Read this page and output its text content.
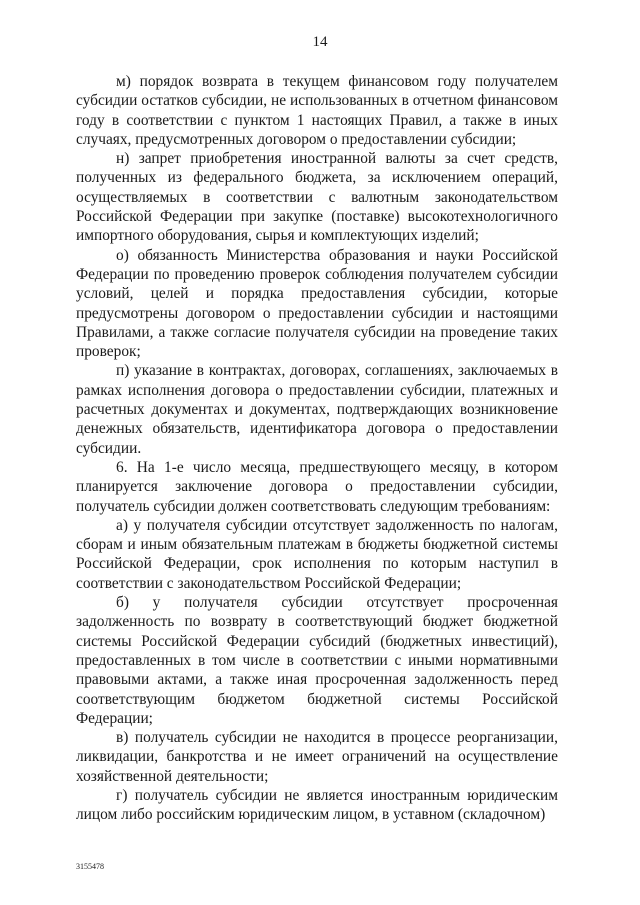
14

м) порядок возврата в текущем финансовом году получателем субсидии остатков субсидии, не использованных в отчетном финансовом году в соответствии с пунктом 1 настоящих Правил, а также в иных случаях, предусмотренных договором о предоставлении субсидии;

н) запрет приобретения иностранной валюты за счет средств, полученных из федерального бюджета, за исключением операций, осуществляемых в соответствии с валютным законодательством Российской Федерации при закупке (поставке) высокотехнологичного импортного оборудования, сырья и комплектующих изделий;

о) обязанность Министерства образования и науки Российской Федерации по проведению проверок соблюдения получателем субсидии условий, целей и порядка предоставления субсидии, которые предусмотрены договором о предоставлении субсидии и настоящими Правилами, а также согласие получателя субсидии на проведение таких проверок;

п) указание в контрактах, договорах, соглашениях, заключаемых в рамках исполнения договора о предоставлении субсидии, платежных и расчетных документах и документах, подтверждающих возникновение денежных обязательств, идентификатора договора о предоставлении субсидии.

6. На 1-е число месяца, предшествующего месяцу, в котором планируется заключение договора о предоставлении субсидии, получатель субсидии должен соответствовать следующим требованиям:

а) у получателя субсидии отсутствует задолженность по налогам, сборам и иным обязательным платежам в бюджеты бюджетной системы Российской Федерации, срок исполнения по которым наступил в соответствии с законодательством Российской Федерации;

б) у получателя субсидии отсутствует просроченная задолженность по возврату в соответствующий бюджет бюджетной системы Российской Федерации субсидий (бюджетных инвестиций), предоставленных в том числе в соответствии с иными нормативными правовыми актами, а также иная просроченная задолженность перед соответствующим бюджетом бюджетной системы Российской Федерации;

в) получатель субсидии не находится в процессе реорганизации, ликвидации, банкротства и не имеет ограничений на осуществление хозяйственной деятельности;

г) получатель субсидии не является иностранным юридическим лицом либо российским юридическим лицом, в уставном (складочном)

3155478
